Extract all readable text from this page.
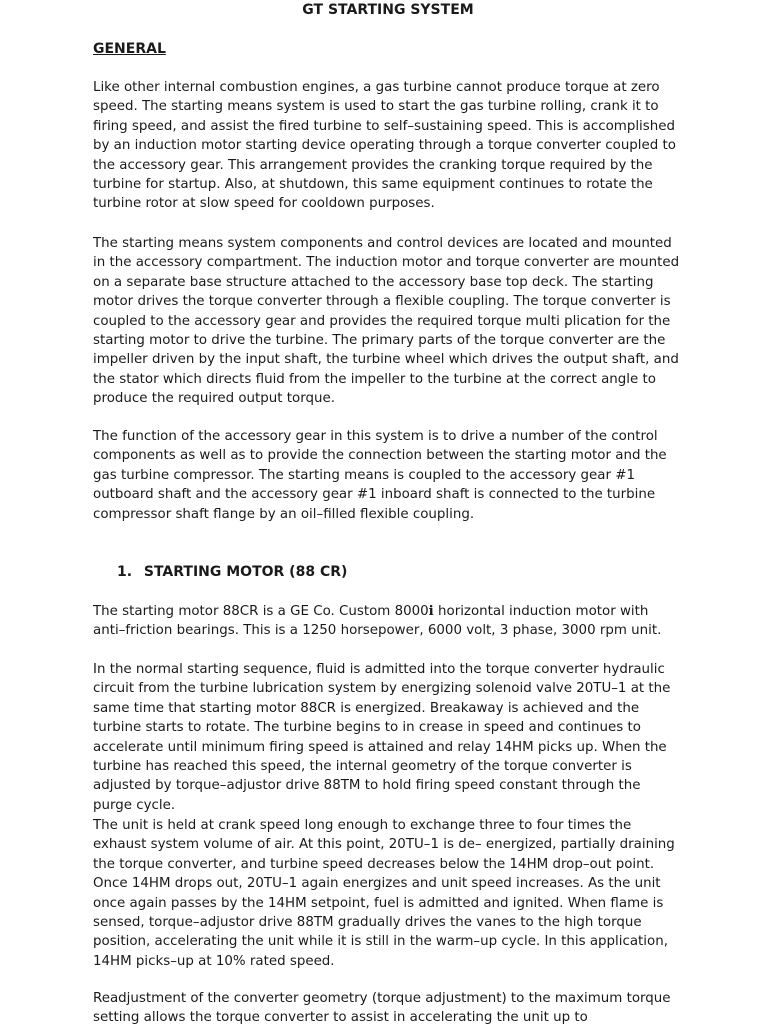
GT STARTING SYSTEM
GENERAL

Like other internal combustion engines, a gas turbine cannot produce torque at zero speed. The starting means system is used to start the gas turbine rolling, crank it to firing speed, and assist the fired turbine to self–sustaining speed. This is accomplished by an induction motor starting device operating through a torque converter coupled to the accessory gear. This arrangement provides the cranking torque required by the turbine for startup. Also, at shutdown, this same equipment continues to rotate the turbine rotor at slow speed for cooldown purposes.

The starting means system components and control devices are located and mounted in the accessory compartment. The induction motor and torque converter are mounted on a separate base structure attached to the accessory base top deck. The starting motor drives the torque converter through a flexible coupling. The torque converter is coupled to the accessory gear and provides the required torque multi plication for the starting motor to drive the turbine. The primary parts of the torque converter are the impeller driven by the input shaft, the turbine wheel which drives the output shaft, and the stator which directs fluid from the impeller to the turbine at the correct angle to produce the required output torque.

The function of the accessory gear in this system is to drive a number of the control components as well as to provide the connection between the starting motor and the gas turbine compressor. The starting means is coupled to the accessory gear #1 outboard shaft and the accessory gear #1 inboard shaft is connected to the turbine compressor shaft flange by an oil–filled flexible coupling.

1. STARTING MOTOR (88 CR)

The starting motor 88CR is a GE Co. Custom 8000ℹ horizontal induction motor with anti–friction bearings. This is a 1250 horsepower, 6000 volt, 3 phase, 3000 rpm unit.

In the normal starting sequence, fluid is admitted into the torque converter hydraulic circuit from the turbine lubrication system by energizing solenoid valve 20TU–1 at the same time that starting motor 88CR is energized. Breakaway is achieved and the turbine starts to rotate. The turbine begins to in crease in speed and continues to accelerate until minimum firing speed is attained and relay 14HM picks up. When the turbine has reached this speed, the internal geometry of the torque converter is adjusted by torque–adjustor drive 88TM to hold firing speed constant through the purge cycle.

The unit is held at crank speed long enough to exchange three to four times the exhaust system volume of air. At this point, 20TU–1 is de– energized, partially draining the torque converter, and turbine speed decreases below the 14HM drop–out point. Once 14HM drops out, 20TU–1 again energizes and unit speed increases. As the unit once again passes by the 14HM setpoint, fuel is admitted and ignited. When flame is sensed, torque–adjustor drive 88TM gradually drives the vanes to the high torque position, accelerating the unit while it is still in the warm–up cycle. In this application, 14HM picks–up at 10% rated speed.

Readjustment of the converter geometry (torque adjustment) to the maximum torque setting allows the torque converter to assist in accelerating the unit up to
